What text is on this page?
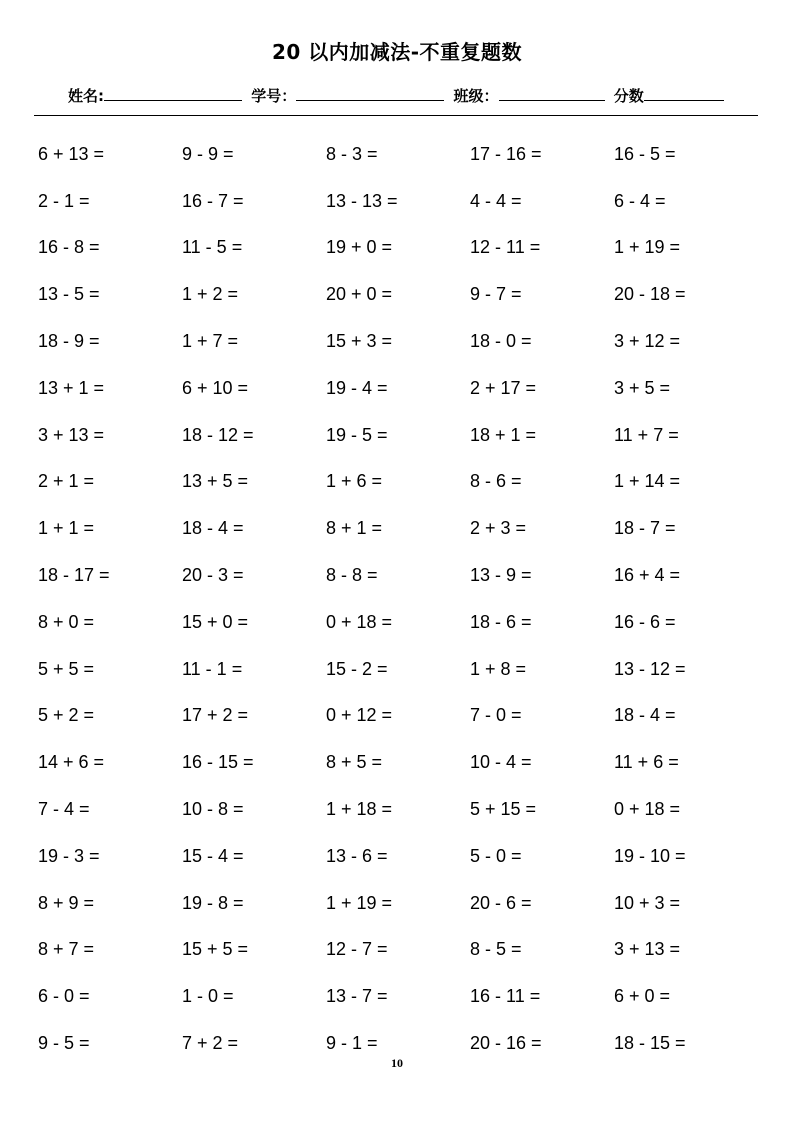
20 以内加减法-不重复题数
姓名:	学号：	班级：	分数
6 + 13 =	9 - 9 =	8 - 3 =	17 - 16 =	16 - 5 =
2 - 1 =	16 - 7 =	13 - 13 =	4 - 4 =	6 - 4 =
16 - 8 =	11 - 5 =	19 + 0 =	12 - 11 =	1 + 19 =
13 - 5 =	1 + 2 =	20 + 0 =	9 - 7 =	20 - 18 =
18 - 9 =	1 + 7 =	15 + 3 =	18 - 0 =	3 + 12 =
13 + 1 =	6 + 10 =	19 - 4 =	2 + 17 =	3 + 5 =
3 + 13 =	18 - 12 =	19 - 5 =	18 + 1 =	11 + 7 =
2 + 1 =	13 + 5 =	1 + 6 =	8 - 6 =	1 + 14 =
1 + 1 =	18 - 4 =	8 + 1 =	2 + 3 =	18 - 7 =
18 - 17 =	20 - 3 =	8 - 8 =	13 - 9 =	16 + 4 =
8 + 0 =	15 + 0 =	0 + 18 =	18 - 6 =	16 - 6 =
5 + 5 =	11 - 1 =	15 - 2 =	1 + 8 =	13 - 12 =
5 + 2 =	17 + 2 =	0 + 12 =	7 - 0 =	18 - 4 =
14 + 6 =	16 - 15 =	8 + 5 =	10 - 4 =	11 + 6 =
7 - 4 =	10 - 8 =	1 + 18 =	5 + 15 =	0 + 18 =
19 - 3 =	15 - 4 =	13 - 6 =	5 - 0 =	19 - 10 =
8 + 9 =	19 - 8 =	1 + 19 =	20 - 6 =	10 + 3 =
8 + 7 =	15 + 5 =	12 - 7 =	8 - 5 =	3 + 13 =
6 - 0 =	1 - 0 =	13 - 7 =	16 - 11 =	6 + 0 =
9 - 5 =	7 + 2 =	9 - 1 =	20 - 16 =	18 - 15 =
10
